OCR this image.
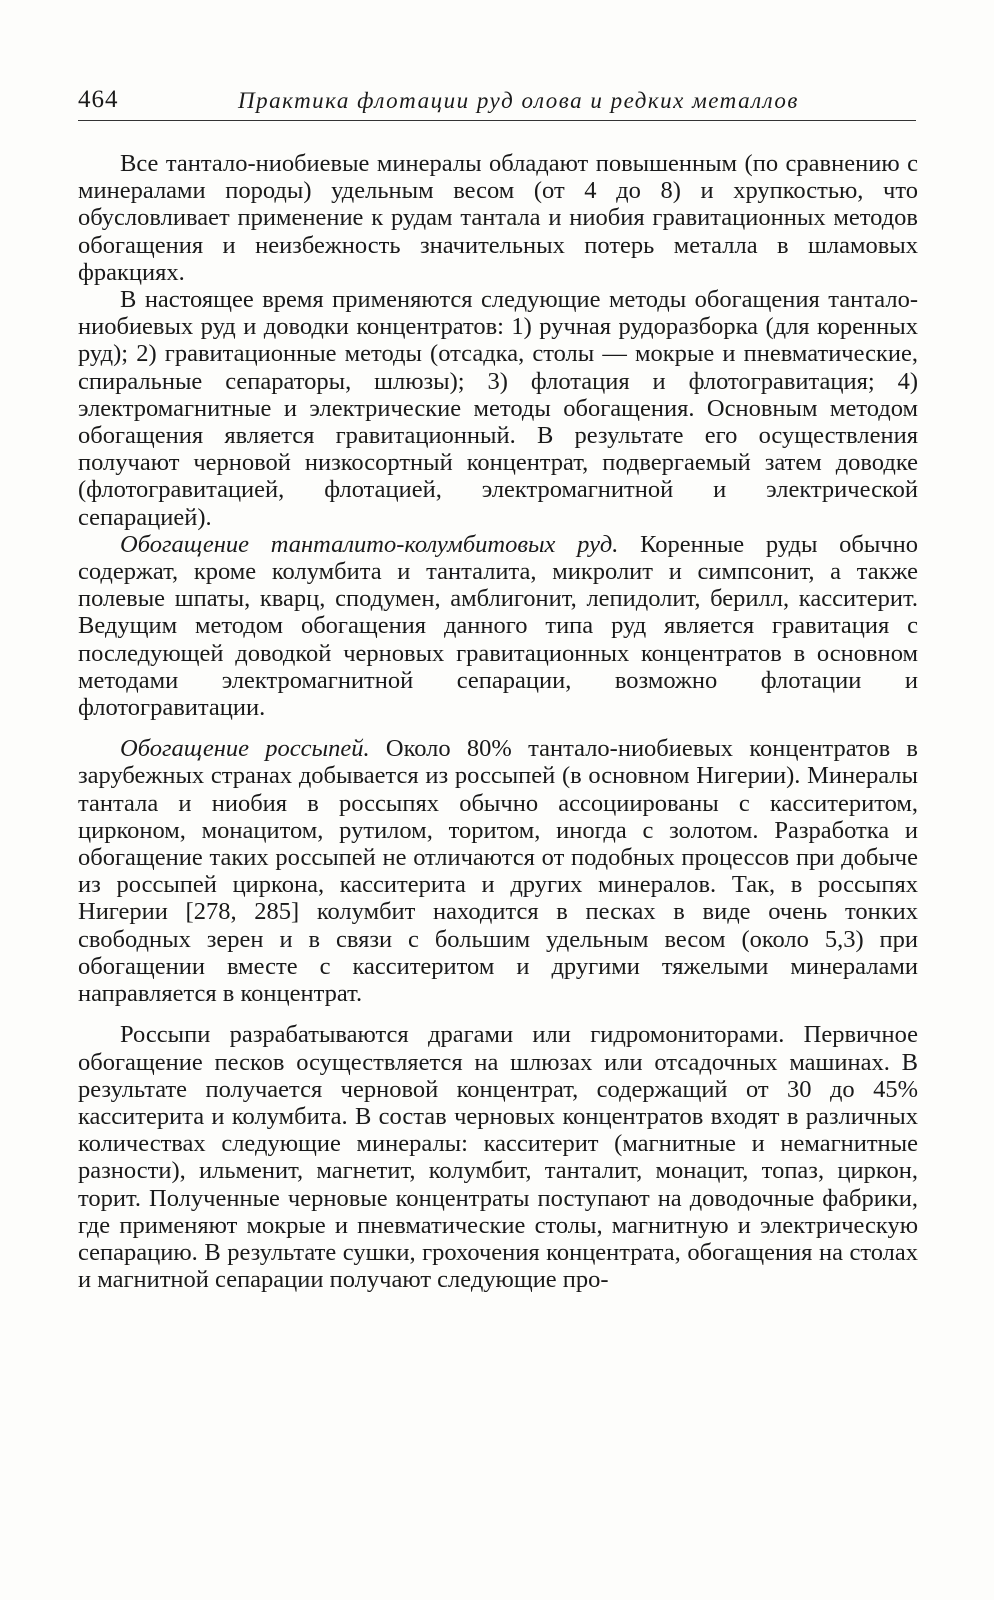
464	Практика флотации руд олова и редких металлов

Все тантало-ниобиевые минералы обладают повышенным (по сравнению с минералами породы) удельным весом (от 4 до 8) и хрупкостью, что обусловливает применение к рудам тантала и ниобия гравитационных методов обогащения и неизбежность значительных потерь металла в шламовых фракциях.

В настоящее время применяются следующие методы обогащения тантало-ниобиевых руд и доводки концентратов: 1) ручная рудоразборка (для коренных руд); 2) гравитационные методы (отсадка, столы — мокрые и пневматические, спиральные сепараторы, шлюзы); 3) флотация и флотогравитация; 4) электромагнитные и электрические методы обогащения. Основным методом обогащения является гравитационный. В результате его осуществления получают черновой низкосортный концентрат, подвергаемый затем доводке (флотогравитацией, флотацией, электромагнитной и электрической сепарацией).

Обогащение танталито-колумбитовых руд. Коренные руды обычно содержат, кроме колумбита и танталита, микролит и симпсонит, а также полевые шпаты, кварц, сподумен, амблигонит, лепидолит, берилл, касситерит. Ведущим методом обогащения данного типа руд является гравитация с последующей доводкой черновых гравитационных концентратов в основном методами электромагнитной сепарации, возможно флотации и флотогравитации.

Обогащение россыпей. Около 80% тантало-ниобиевых концентратов в зарубежных странах добывается из россыпей (в основном Нигерии). Минералы тантала и ниобия в россыпях обычно ассоциированы с касситеритом, цирконом, монацитом, рутилом, торитом, иногда с золотом. Разработка и обогащение таких россыпей не отличаются от подобных процессов при добыче из россыпей циркона, касситерита и других минералов. Так, в россыпях Нигерии [278, 285] колумбит находится в песках в виде очень тонких свободных зерен и в связи с большим удельным весом (около 5,3) при обогащении вместе с касситеритом и другими тяжелыми минералами направляется в концентрат.

Россыпи разрабатываются драгами или гидромониторами. Первичное обогащение песков осуществляется на шлюзах или отсадочных машинах. В результате получается черновой концентрат, содержащий от 30 до 45% касситерита и колумбита. В состав черновых концентратов входят в различных количествах следующие минералы: касситерит (магнитные и немагнитные разности), ильменит, магнетит, колумбит, танталит, монацит, топаз, циркон, торит. Полученные черновые концентраты поступают на доводочные фабрики, где применяют мокрые и пневматические столы, магнитную и электрическую сепарацию. В результате сушки, грохочения концентрата, обогащения на столах и магнитной сепарации получают следующие про-
